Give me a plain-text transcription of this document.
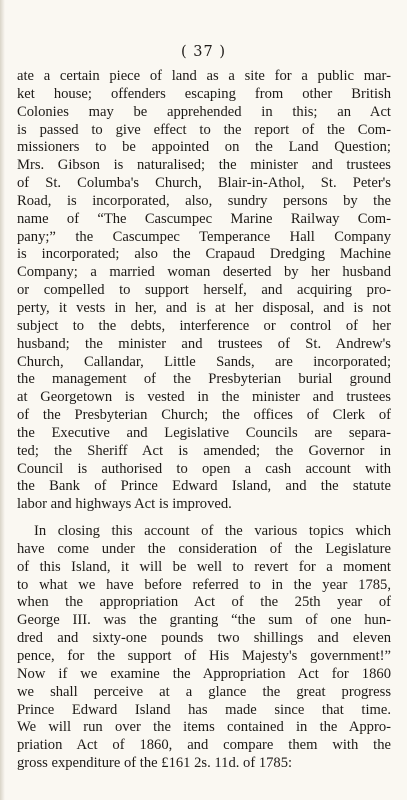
( 37 )
ate a certain piece of land as a site for a public mar-
ket house; offenders escaping from other British
Colonies may be apprehended in this; an Act
is passed to give effect to the report of the Com-
missioners to be appointed on the Land Question;
Mrs. Gibson is naturalised; the minister and trustees
of St. Columba's Church, Blair-in-Athol, St. Peter's
Road, is incorporated, also, sundry persons by the
name of “The Cascumpec Marine Railway Com-
pany;” the Cascumpec Temperance Hall Company
is incorporated; also the Crapaud Dredging Machine
Company; a married woman deserted by her husband
or compelled to support herself, and acquiring pro-
perty, it vests in her, and is at her disposal, and is not
subject to the debts, interference or control of her
husband; the minister and trustees of St. Andrew's
Church, Callandar, Little Sands, are incorporated;
the management of the Presbyterian burial ground
at Georgetown is vested in the minister and trustees
of the Presbyterian Church; the offices of Clerk of
the Executive and Legislative Councils are separa-
ted; the Sheriff Act is amended; the Governor in
Council is authorised to open a cash account with
the Bank of Prince Edward Island, and the statute
labor and highways Act is improved.
In closing this account of the various topics which
have come under the consideration of the Legislature
of this Island, it will be well to revert for a moment
to what we have before referred to in the year 1785,
when the appropriation Act of the 25th year of
George III. was the granting “the sum of one hun-
dred and sixty-one pounds two shillings and eleven
pence, for the support of His Majesty's government!”
Now if we examine the Appropriation Act for 1860
we shall perceive at a glance the great progress
Prince Edward Island has made since that time.
We will run over the items contained in the Appro-
priation Act of 1860, and compare them with the
gross expenditure of the £161 2s. 11d. of 1785:
